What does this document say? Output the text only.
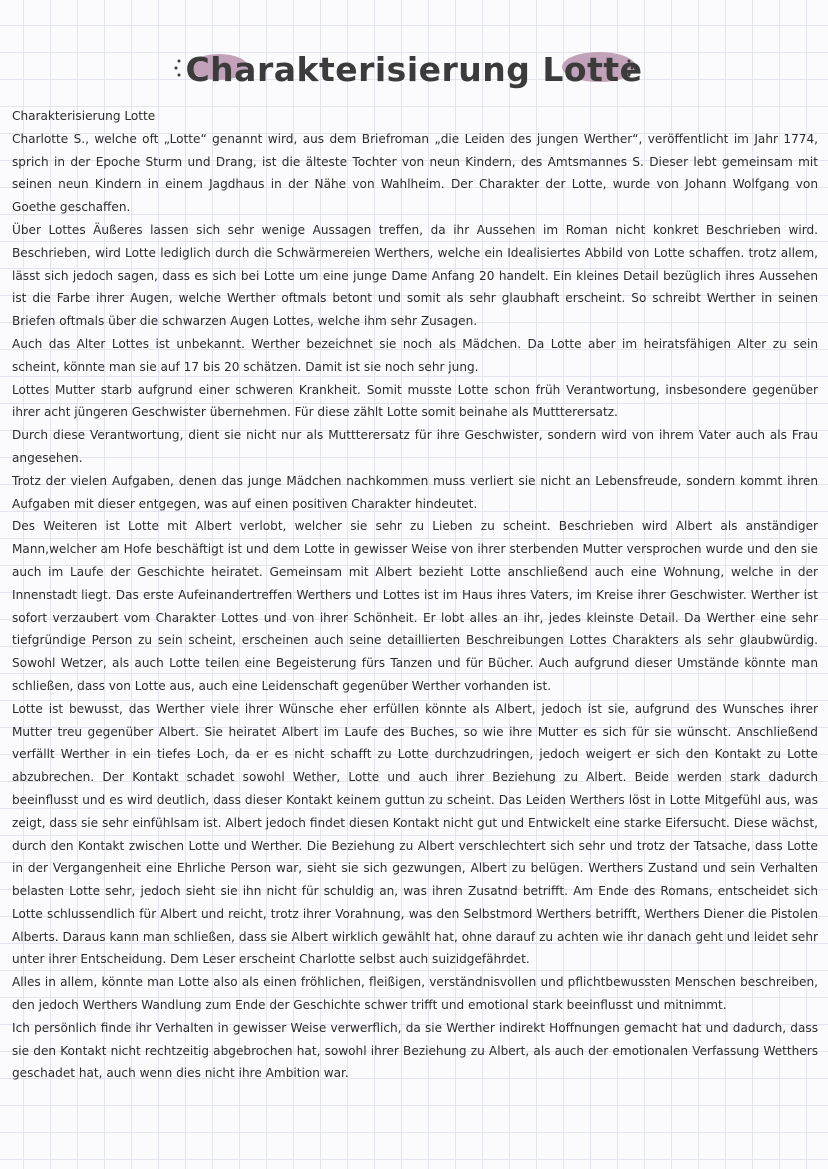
Charakterisierung Lotte

Charakterisierung Lotte

Charlotte S., welche oft „Lotte“ genannt wird, aus dem Briefroman „die Leiden des jungen Werther“, veröffentlicht im Jahr 1774, sprich in der Epoche Sturm und Drang, ist die älteste Tochter von neun Kindern, des Amtsmannes S. Dieser lebt gemeinsam mit seinen neun Kindern in einem Jagdhaus in der Nähe von Wahlheim. Der Charakter der Lotte, wurde von Johann Wolfgang von Goethe geschaffen.

Über Lottes Äußeres lassen sich sehr wenige Aussagen treffen, da ihr Aussehen im Roman nicht konkret Beschrieben wird. Beschrieben, wird Lotte lediglich durch die Schwärmereien Werthers, welche ein Idealisiertes Abbild von Lotte schaffen. trotz allem, lässt sich jedoch sagen, dass es sich bei Lotte um eine junge Dame Anfang 20 handelt. Ein kleines Detail bezüglich ihres Aussehen ist die Farbe ihrer Augen, welche Werther oftmals betont und somit als sehr glaubhaft erscheint. So schreibt Werther in seinen Briefen oftmals über die schwarzen Augen Lottes, welche ihm sehr Zusagen.

Auch das Alter Lottes ist unbekannt. Werther bezeichnet sie noch als Mädchen. Da Lotte aber im heiratsfähigen Alter zu sein scheint, könnte man sie auf 17 bis 20 schätzen. Damit ist sie noch sehr jung.

Lottes Mutter starb aufgrund einer schweren Krankheit. Somit musste Lotte schon früh Verantwortung, insbesondere gegenüber ihrer acht jüngeren Geschwister übernehmen. Für diese zählt Lotte somit beinahe als Muttterersatz.

Durch diese Verantwortung, dient sie nicht nur als Muttterersatz für ihre Geschwister, sondern wird von ihrem Vater auch als Frau angesehen.

Trotz der vielen Aufgaben, denen das junge Mädchen nachkommen muss verliert sie nicht an Lebensfreude, sondern kommt ihren Aufgaben mit dieser entgegen, was auf einen positiven Charakter hindeutet.

Des Weiteren ist Lotte mit Albert verlobt, welcher sie sehr zu Lieben zu scheint. Beschrieben wird Albert als anständiger Mann,welcher am Hofe beschäftigt ist und dem Lotte in gewisser Weise von ihrer sterbenden Mutter versprochen wurde und den sie auch im Laufe der Geschichte heiratet. Gemeinsam mit Albert bezieht Lotte anschließend auch eine Wohnung, welche in der Innenstadt liegt. Das erste Aufeinandertreffen Werthers und Lottes ist im Haus ihres Vaters, im Kreise ihrer Geschwister. Werther ist sofort verzaubert vom Charakter Lottes und von ihrer Schönheit. Er lobt alles an ihr, jedes kleinste Detail. Da Werther eine sehr tiefgründige Person zu sein scheint, erscheinen auch seine detaillierten Beschreibungen Lottes Charakters als sehr glaubwürdig. Sowohl Wetzer, als auch Lotte teilen eine Begeisterung fürs Tanzen und für Bücher. Auch aufgrund dieser Umstände könnte man schließen, dass von Lotte aus, auch eine Leidenschaft gegenüber Werther vorhanden ist.

Lotte ist bewusst, das Werther viele ihrer Wünsche eher erfüllen könnte als Albert, jedoch ist sie, aufgrund des Wunsches ihrer Mutter treu gegenüber Albert. Sie heiratet Albert im Laufe des Buches, so wie ihre Mutter es sich für sie wünscht. Anschließend verfällt Werther in ein tiefes Loch, da er es nicht schafft zu Lotte durchzudringen, jedoch weigert er sich den Kontakt zu Lotte abzubrechen. Der Kontakt schadet sowohl Wether, Lotte und auch ihrer Beziehung zu Albert. Beide werden stark dadurch beeinflusst und es wird deutlich, dass dieser Kontakt keinem guttun zu scheint. Das Leiden Werthers löst in Lotte Mitgefühl aus, was zeigt, dass sie sehr einfühlsam ist. Albert jedoch findet diesen Kontakt nicht gut und Entwickelt eine starke Eifersucht. Diese wächst, durch den Kontakt zwischen Lotte und Werther. Die Beziehung zu Albert verschlechtert sich sehr und trotz der Tatsache, dass Lotte in der Vergangenheit eine Ehrliche Person war, sieht sie sich gezwungen, Albert zu belügen. Werthers Zustand und sein Verhalten belasten Lotte sehr, jedoch sieht sie ihn nicht für schuldig an, was ihren Zusatnd betrifft. Am Ende des Romans, entscheidet sich Lotte schlussendlich für Albert und reicht, trotz ihrer Vorahnung, was den Selbstmord Werthers betrifft, Werthers Diener die Pistolen Alberts. Daraus kann man schließen, dass sie Albert wirklich gewählt hat, ohne darauf zu achten wie ihr danach geht und leidet sehr unter ihrer Entscheidung. Dem Leser erscheint Charlotte selbst auch suizidgefährdet.

Alles in allem, könnte man Lotte also als einen fröhlichen, fleißigen, verständnisvollen und pflichtbewussten Menschen beschreiben, den jedoch Werthers Wandlung zum Ende der Geschichte schwer trifft und emotional stark beeinflusst und mitnimmt.

Ich persönlich finde ihr Verhalten in gewisser Weise verwerflich, da sie Werther indirekt Hoffnungen gemacht hat und dadurch, dass sie den Kontakt nicht rechtzeitig abgebrochen hat, sowohl ihrer Beziehung zu Albert, als auch der emotionalen Verfassung Wetthers geschadet hat, auch wenn dies nicht ihre Ambition war.
